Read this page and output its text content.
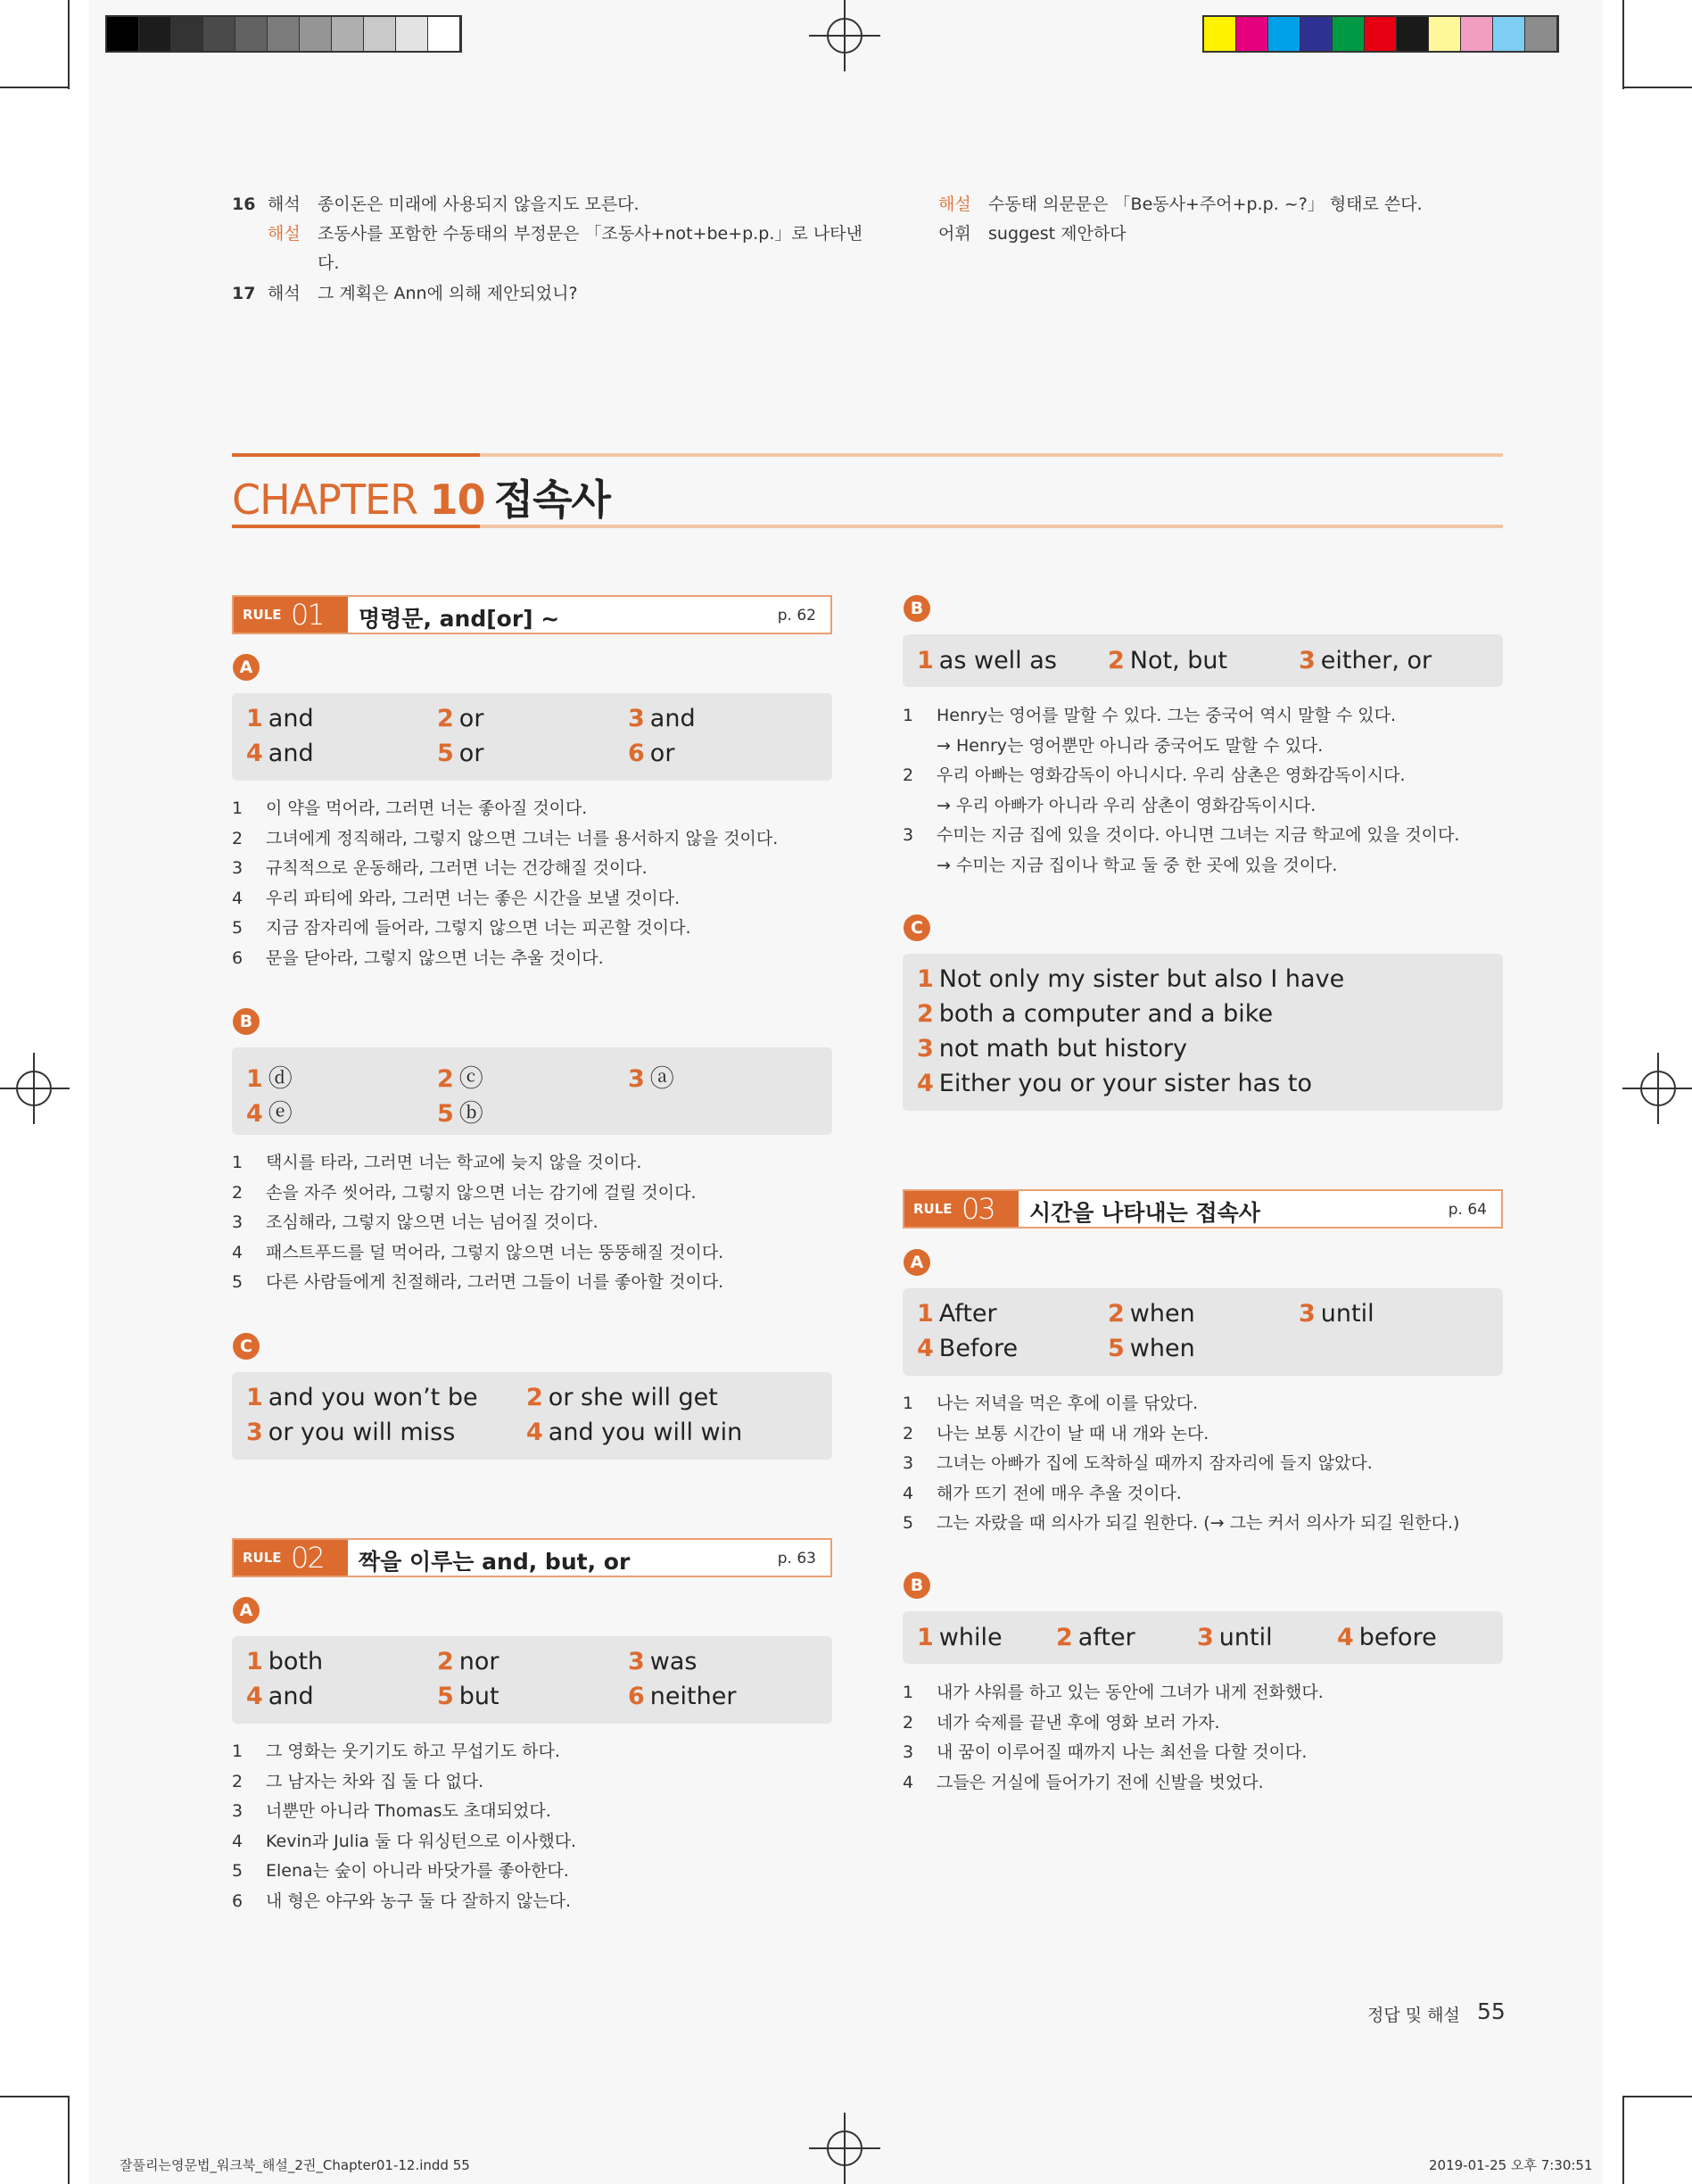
16 해석 종이돈은 미래에 사용되지 않을지도 모른다.
해설 조동사를 포함한 수동태의 부정문은 「조동사+not+be+p.p.」로 나타낸
다.
17 해석 그 계획은 Ann에 의해 제안되었니?
해설 수동태 의문문은 「Be동사+주어+p.p. ~?」 형태로 쓴다.
어휘 suggest 제안하다
CHAPTER 10 접속사
RULE 01 명령문, and[or] ~	p. 62
A
1 and	2 or	3 and
4 and	5 or	6 or
1 이 약을 먹어라, 그러면 너는 좋아질 것이다.
2 그녀에게 정직해라, 그렇지 않으면 그녀는 너를 용서하지 않을 것이다.
3 규칙적으로 운동해라, 그러면 너는 건강해질 것이다.
4 우리 파티에 와라, 그러면 너는 좋은 시간을 보낼 것이다.
5 지금 잠자리에 들어라, 그렇지 않으면 너는 피곤할 것이다.
6 문을 닫아라, 그렇지 않으면 너는 추울 것이다.
B
1 ⓓ	2 ⓒ	3 ⓐ
4 ⓔ	5 ⓑ
1 택시를 타라, 그러면 너는 학교에 늦지 않을 것이다.
2 손을 자주 씻어라, 그렇지 않으면 너는 감기에 걸릴 것이다.
3 조심해라, 그렇지 않으면 너는 넘어질 것이다.
4 패스트푸드를 덜 먹어라, 그렇지 않으면 너는 뚱뚱해질 것이다.
5 다른 사람들에게 친절해라, 그러면 그들이 너를 좋아할 것이다.
C
1 and you won’t be 2 or she will get
3 or you will miss	4 and you will win
RULE 02 짝을 이루는 and, but, or	p. 63
A
1 both	2 nor	3 was
4 and	5 but	6 neither
1 그 영화는 웃기기도 하고 무섭기도 하다.
2 그 남자는 차와 집 둘 다 없다.
3 너뿐만 아니라 Thomas도 초대되었다.
4 Kevin과 Julia 둘 다 워싱턴으로 이사했다.
5 Elena는 숲이 아니라 바닷가를 좋아한다.
6 내 형은 야구와 농구 둘 다 잘하지 않는다.
B
1 as well as 2 Not, but	3 either, or
1 Henry는 영어를 말할 수 있다. 그는 중국어 역시 말할 수 있다.
→ Henry는 영어뿐만 아니라 중국어도 말할 수 있다.
2 우리 아빠는 영화감독이 아니시다. 우리 삼촌은 영화감독이시다.
→ 우리 아빠가 아니라 우리 삼촌이 영화감독이시다.
3 수미는 지금 집에 있을 것이다. 아니면 그녀는 지금 학교에 있을 것이다.
→ 수미는 지금 집이나 학교 둘 중 한 곳에 있을 것이다.
C
1 Not only my sister but also I have
2 both a computer and a bike
3 not math but history
4 Either you or your sister has to
RULE 03 시간을 나타내는 접속사	p. 64
A
1 After	2 when	3 until
4 Before	5 when
1 나는 저녁을 먹은 후에 이를 닦았다.
2 나는 보통 시간이 날 때 내 개와 논다.
3 그녀는 아빠가 집에 도착하실 때까지 잠자리에 들지 않았다.
4 해가 뜨기 전에 매우 추울 것이다.
5 그는 자랐을 때 의사가 되길 원한다. (→ 그는 커서 의사가 되길 원한다.)
B
1 while 2 after	3 until	4 before
1 내가 샤워를 하고 있는 동안에 그녀가 내게 전화했다.
2 네가 숙제를 끝낸 후에 영화 보러 가자.
3 내 꿈이 이루어질 때까지 나는 최선을 다할 것이다.
4 그들은 거실에 들어가기 전에 신발을 벗었다.
정답 및 해설 55
잘풀리는영문법_워크북_해설_2권_Chapter01-12.indd 55	2019-01-25 오후 7:30:51
